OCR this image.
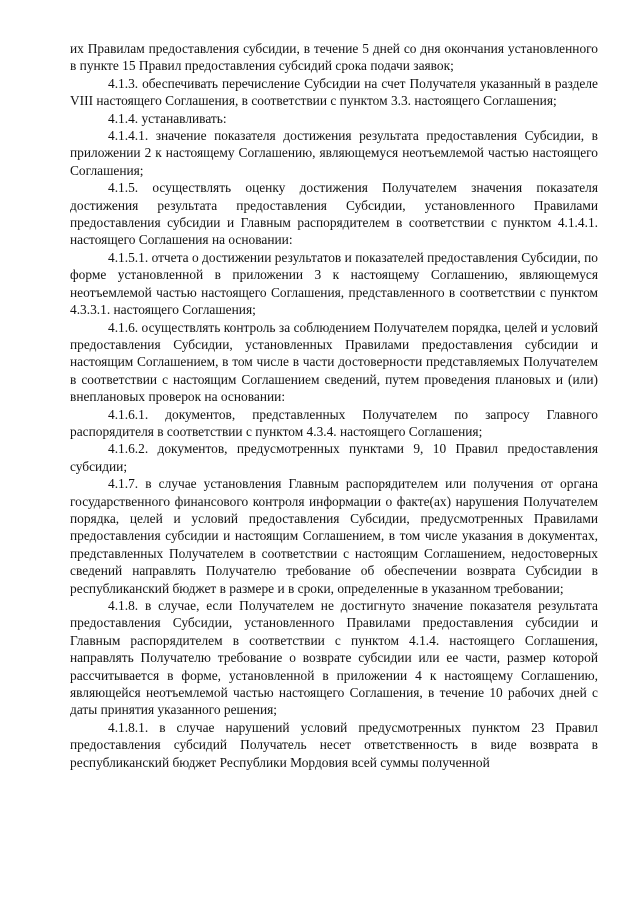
их Правилам предоставления субсидии, в течение 5 дней со дня окончания установленного в пункте 15 Правил предоставления субсидий срока подачи заявок;

4.1.3. обеспечивать перечисление Субсидии на счет Получателя указанный в разделе VIII настоящего Соглашения, в соответствии с пунктом 3.3. настоящего Соглашения;

4.1.4. устанавливать:

4.1.4.1. значение показателя достижения результата предоставления Субсидии, в приложении 2 к настоящему Соглашению, являющемуся неотъемлемой частью настоящего Соглашения;

4.1.5. осуществлять оценку достижения Получателем значения показателя достижения результата предоставления Субсидии, установленного Правилами предоставления субсидии и Главным распорядителем в соответствии с пунктом 4.1.4.1. настоящего Соглашения на основании:

4.1.5.1. отчета о достижении результатов и показателей предоставления Субсидии, по форме установленной в приложении 3 к настоящему Соглашению, являющемуся неотъемлемой частью настоящего Соглашения, представленного в соответствии с пунктом 4.3.3.1. настоящего Соглашения;

4.1.6. осуществлять контроль за соблюдением Получателем порядка, целей и условий предоставления Субсидии, установленных Правилами предоставления субсидии и настоящим Соглашением, в том числе в части достоверности представляемых Получателем в соответствии с настоящим Соглашением сведений, путем проведения плановых и (или) внеплановых проверок на основании:

4.1.6.1. документов, представленных Получателем по запросу Главного распорядителя в соответствии с пунктом 4.3.4. настоящего Соглашения;

4.1.6.2. документов, предусмотренных пунктами 9, 10 Правил предоставления субсидии;

4.1.7. в случае установления Главным распорядителем или получения от органа государственного финансового контроля информации о факте(ах) нарушения Получателем порядка, целей и условий предоставления Субсидии, предусмотренных Правилами предоставления субсидии и настоящим Соглашением, в том числе указания в документах, представленных Получателем в соответствии с настоящим Соглашением, недостоверных сведений направлять Получателю требование об обеспечении возврата Субсидии в республиканский бюджет в размере и в сроки, определенные в указанном требовании;

4.1.8. в случае, если Получателем не достигнуто значение показателя результата предоставления Субсидии, установленного Правилами предоставления субсидии и Главным распорядителем в соответствии с пунктом 4.1.4. настоящего Соглашения, направлять Получателю требование о возврате субсидии или ее части, размер которой рассчитывается в форме, установленной в приложении 4 к настоящему Соглашению, являющейся неотъемлемой частью настоящего Соглашения, в течение 10 рабочих дней с даты принятия указанного решения;

4.1.8.1. в случае нарушений условий предусмотренных пунктом 23 Правил предоставления субсидий Получатель несет ответственность в виде возврата в республиканский бюджет Республики Мордовия всей суммы полученной
